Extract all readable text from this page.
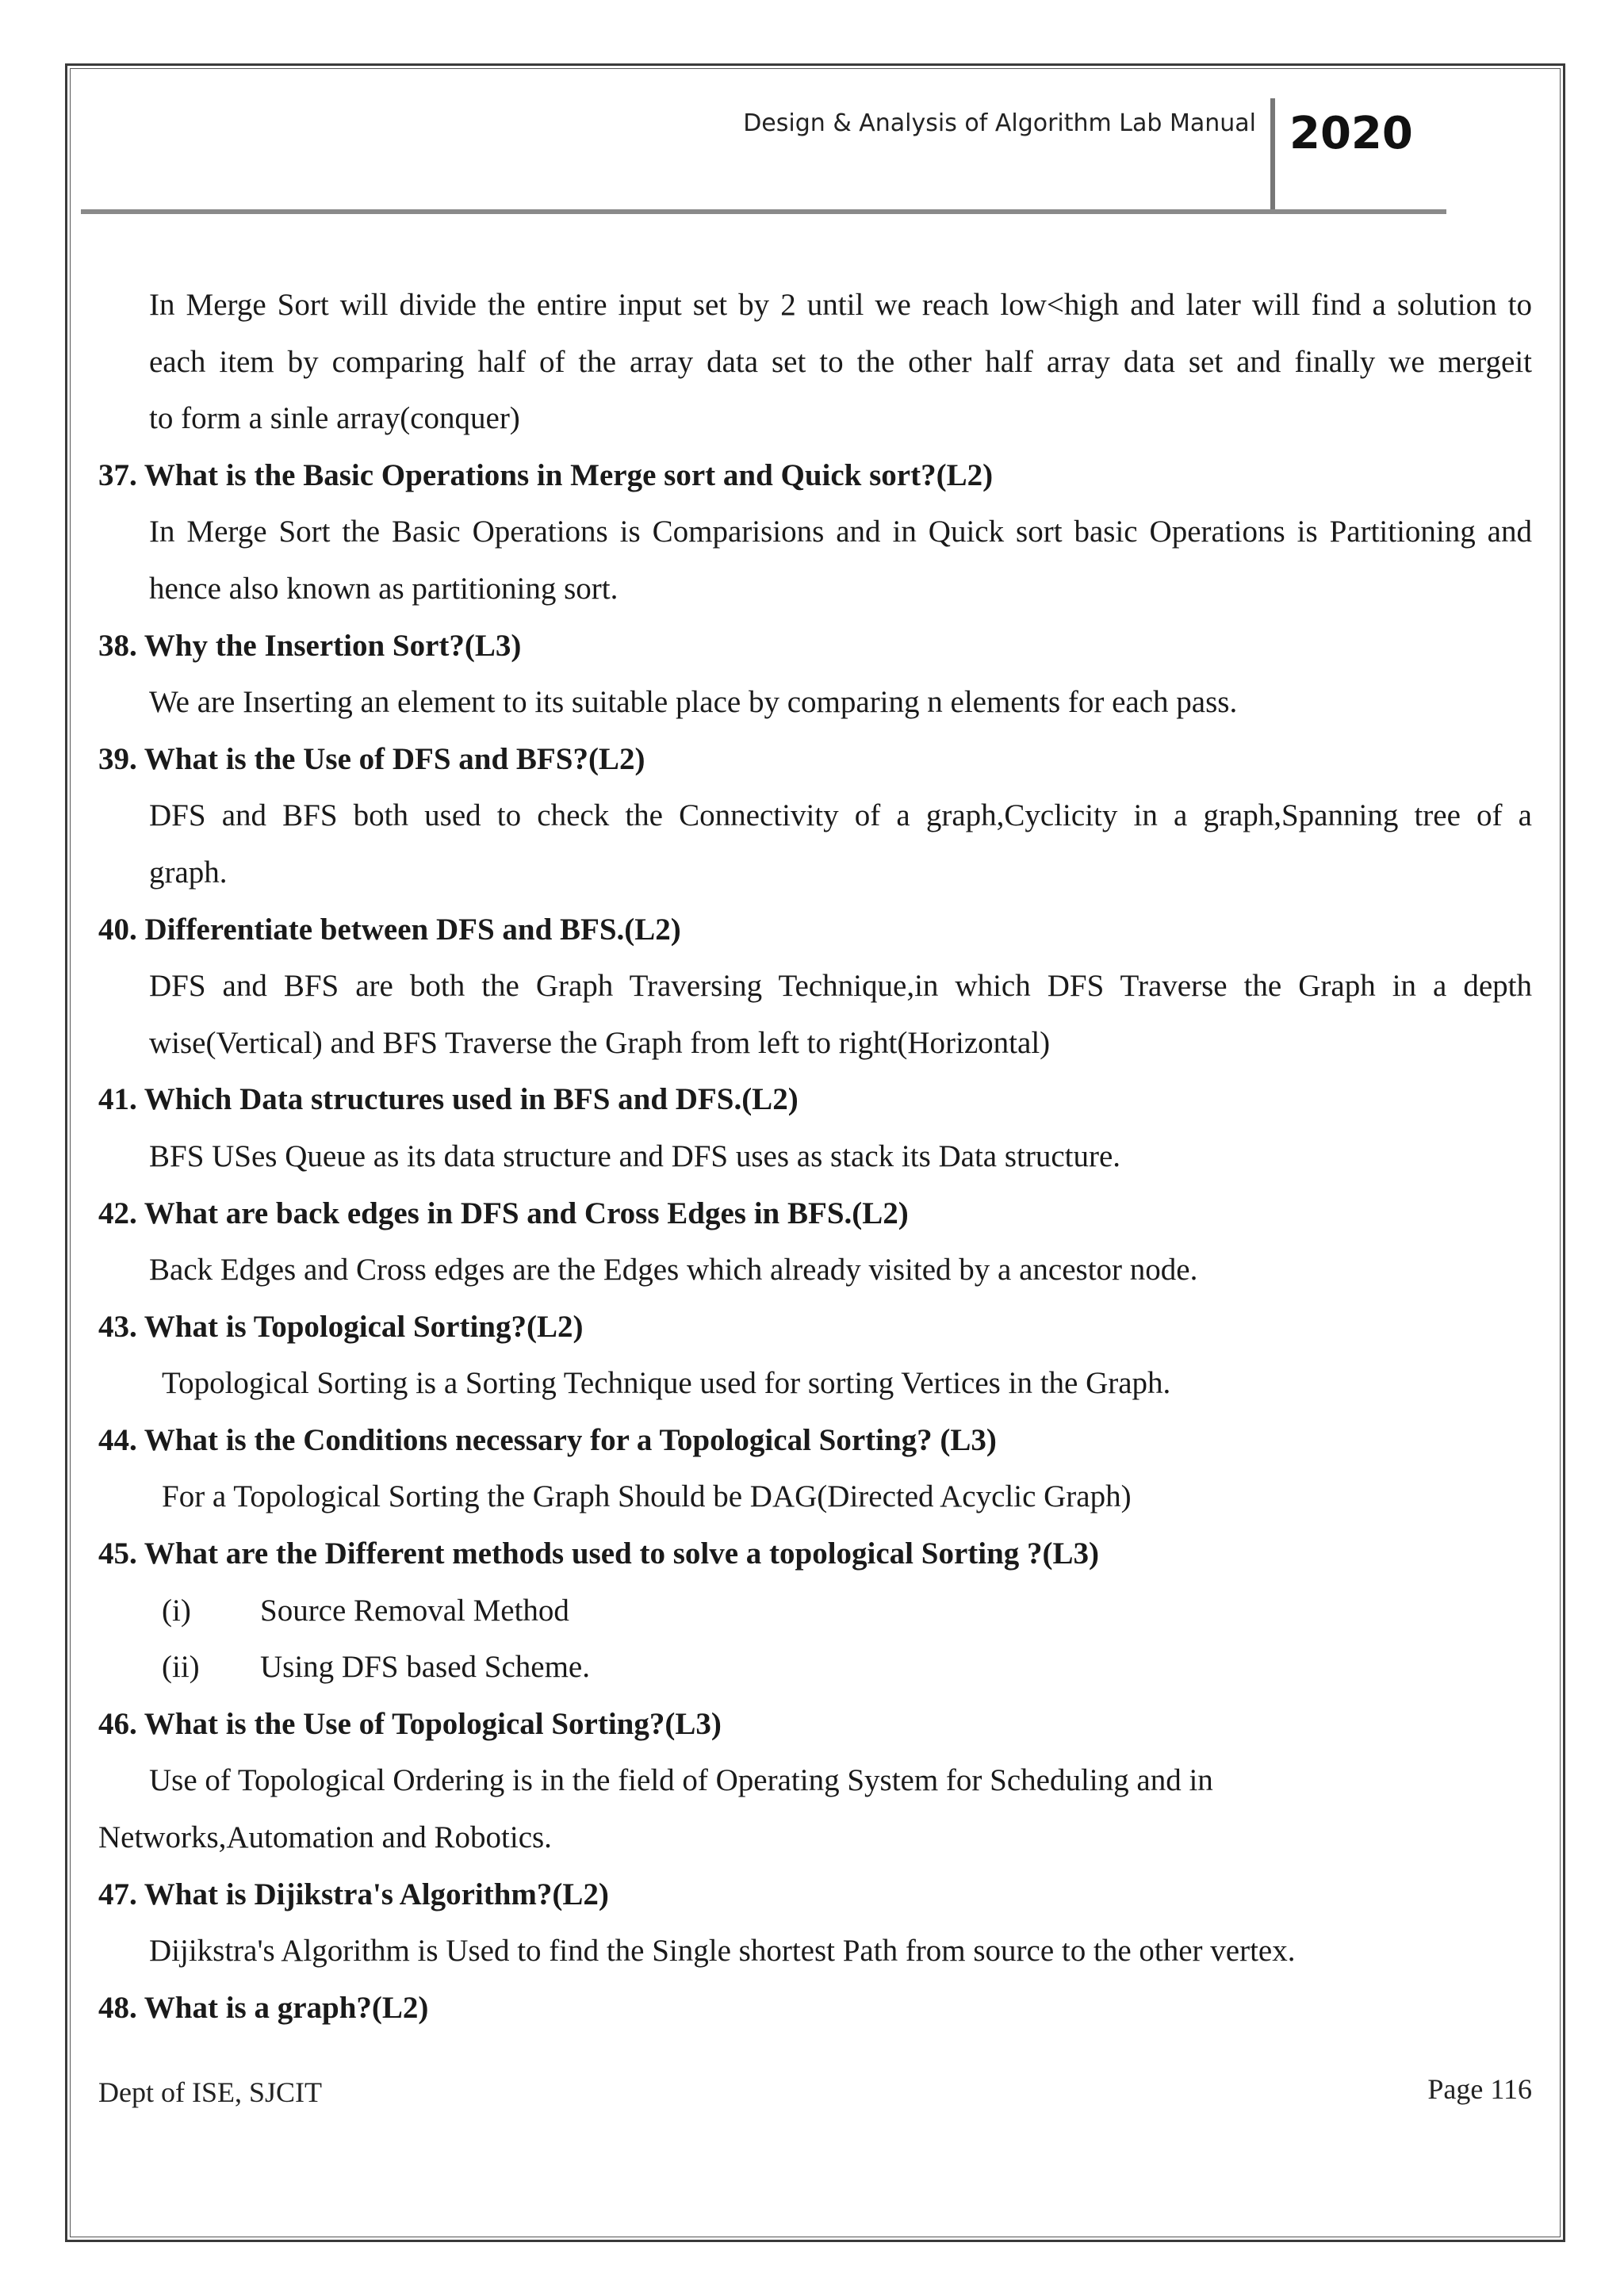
Design & Analysis of Algorithm Lab Manual 2020
In Merge Sort will divide the entire input set by 2 until we reach low<high and later will find a solution to
each item by comparing half of the array data set to the other half array data set and finally we mergeit
to form a sinle array(conquer)
37. What is the Basic Operations in Merge sort and Quick sort?(L2)
In Merge Sort the Basic Operations is Comparisions and in Quick sort basic Operations is Partitioning and
hence also known as partitioning sort.
38. Why the Insertion Sort?(L3)
We are Inserting an element to its suitable place by comparing n elements for each pass.
39. What is the Use of DFS and BFS?(L2)
DFS and BFS both used to check the Connectivity of a graph,Cyclicity in a graph,Spanning tree of a
graph.
40. Differentiate between DFS and BFS.(L2)
DFS and BFS are both the Graph Traversing Technique,in which DFS Traverse the Graph in a depth
wise(Vertical) and BFS Traverse the Graph from left to right(Horizontal)
41. Which Data structures used in BFS and DFS.(L2)
BFS USes Queue as its data structure and DFS uses as stack its Data structure.
42. What are back edges in DFS and Cross Edges in BFS.(L2)
Back Edges and Cross edges are the Edges which already visited by a ancestor node.
43. What is Topological Sorting?(L2)
Topological Sorting is a Sorting Technique used for sorting Vertices in the Graph.
44. What is the Conditions necessary for a Topological Sorting? (L3)
For a Topological Sorting the Graph Should be DAG(Directed Acyclic Graph)
45. What are the Different methods used to solve a topological Sorting ?(L3)
(i) Source Removal Method
(ii) Using DFS based Scheme.
46. What is the Use of Topological Sorting?(L3)
Use of Topological Ordering is in the field of Operating System for Scheduling and in
Networks,Automation and Robotics.
47. What is Dijikstra's Algorithm?(L2)
Dijikstra's Algorithm is Used to find the Single shortest Path from source to the other vertex.
48. What is a graph?(L2)
Dept of ISE, SJCIT	Page 116
